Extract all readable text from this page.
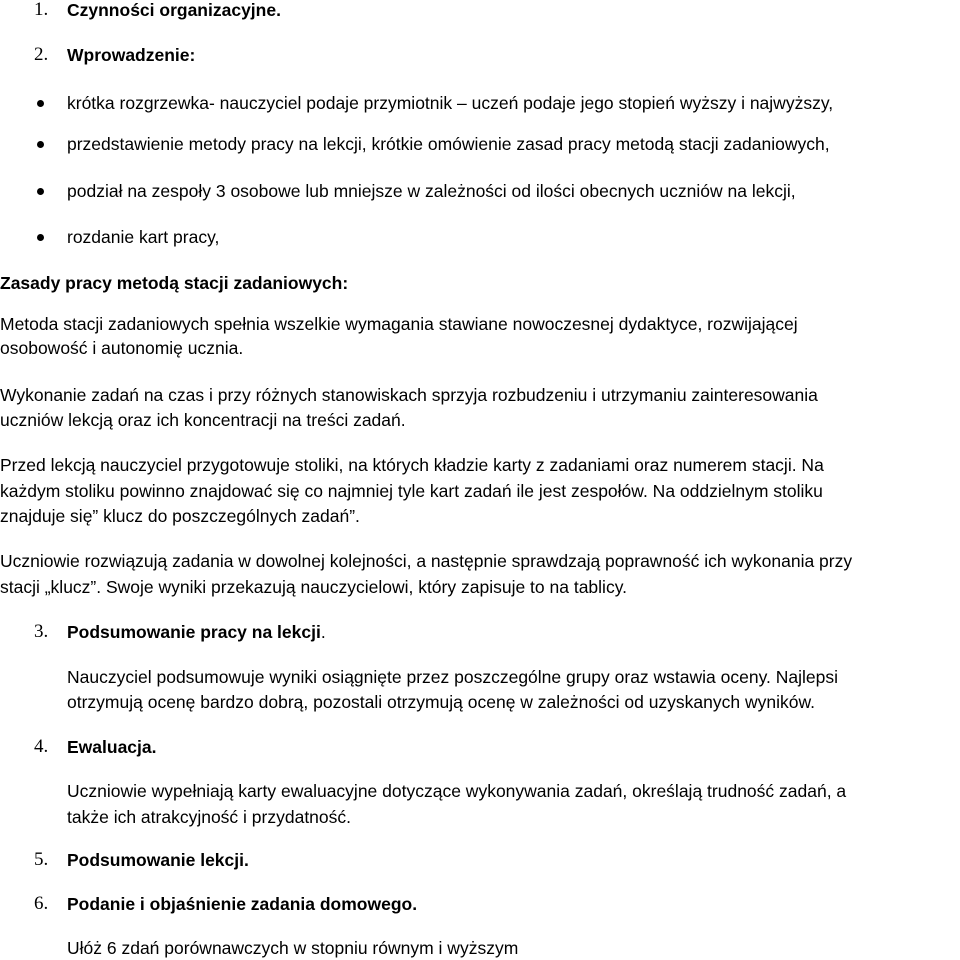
1. Czynności organizacyjne.
2. Wprowadzenie:
krótka rozgrzewka- nauczyciel podaje przymiotnik – uczeń podaje jego stopień wyższy i najwyższy,
przedstawienie metody pracy na lekcji, krótkie omówienie zasad pracy metodą stacji zadaniowych,
podział na zespoły 3 osobowe lub mniejsze w zależności od ilości obecnych uczniów na lekcji,
rozdanie kart pracy,
Zasady pracy metodą stacji zadaniowych:
Metoda stacji zadaniowych spełnia wszelkie wymagania stawiane nowoczesnej dydaktyce, rozwijającej
osobowość i autonomię ucznia.
Wykonanie zadań na czas i przy różnych stanowiskach sprzyja rozbudzeniu i utrzymaniu zainteresowania
uczniów lekcją oraz ich koncentracji na treści zadań.
Przed lekcją nauczyciel przygotowuje stoliki, na których kładzie karty z zadaniami oraz numerem stacji. Na
każdym stoliku powinno znajdować się co najmniej tyle kart zadań ile jest zespołów. Na oddzielnym stoliku
znajduje się” klucz do poszczególnych zadań”.
Uczniowie rozwiązują zadania w dowolnej kolejności, a następnie sprawdzają poprawność ich wykonania przy
stacji „klucz”. Swoje wyniki przekazują nauczycielowi, który zapisuje to na tablicy.
3. Podsumowanie pracy na lekcji.
Nauczyciel podsumowuje wyniki osiągnięte przez poszczególne grupy oraz wstawia oceny. Najlepsi
otrzymują ocenę bardzo dobrą, pozostali otrzymują ocenę w zależności od uzyskanych wyników.
4. Ewaluacja.
Uczniowie wypełniają karty ewaluacyjne dotyczące wykonywania zadań, określają trudność zadań, a
także ich atrakcyjność i przydatność.
5. Podsumowanie lekcji.
6. Podanie i objaśnienie zadania domowego.
Ułóż 6 zdań porównawczych w stopniu równym i wyższym
